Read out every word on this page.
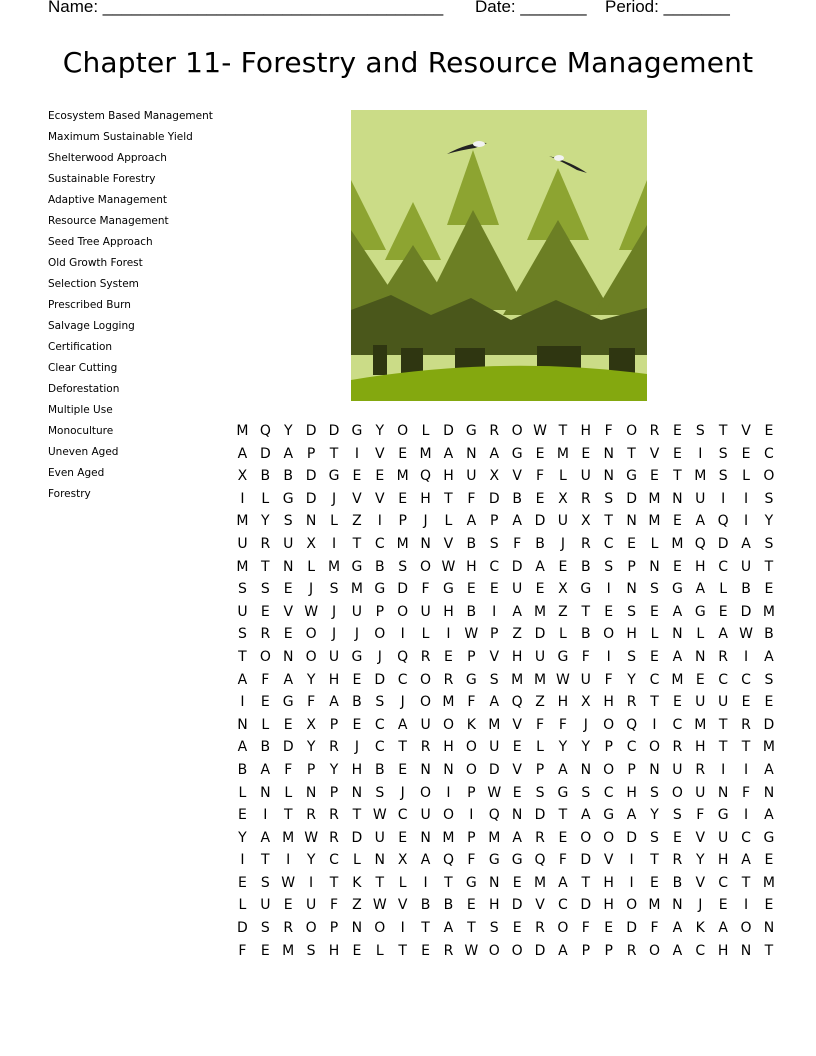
Name: ____________________________________ Date: _______ Period: _______
Chapter 11- Forestry and Resource Management
Ecosystem Based Management
Maximum Sustainable Yield
Shelterwood Approach
Sustainable Forestry
Adaptive Management
Resource Management
Seed Tree Approach
Old Growth Forest
Selection System
Prescribed Burn
Salvage Logging
Certification
Clear Cutting
Deforestation
Multiple Use
Monoculture
Uneven Aged
Even Aged
Forestry
M Q Y D D G Y O L D G R O W T H F O R E	S	T V E
A D A P	T	I	V E M A N A G E M E N T V E	I	S	E C
X B B D G E	E M Q H U X V	F	L U N G E	T M S	L O
I	L G D	J	V V E H T	F D B E X R S D M N U	I	I	S
M Y	S N L	Z	I	P	J	L	A P A D U X T N M E A Q	I	Y
U R U X	I	T C M N V B S	F	B	J	R C E	L M Q D A S
M T N L M G B S O W H C D A E B S	P N E H C U T
S	S	E	J	S M G D F G E	E U E X G	I	N S G A	L	B E
U E V W J	U P O U H B	I	A M Z T	E	S	E A G E D M
S R E O	J	J	O	I	L	I W P Z D L	B O H L N L	A W B
T O N O U G	J	Q R E	P V H U G F	I	S	E A N R	I	A
A	F	A Y H E D C O R G S M M W U F	Y C M E C C S
I	E G F	A B S	J	O M F	A Q Z H X H R T	E U U E	E
N L	E X P	E C A U O K M V	F	F	J	O Q	I	C M T R D
A B D Y R	J	C T R H O U E	L	Y	Y	P C O R H T	T M
B A	F	P	Y H B E N N O D V P A N O P N U R	I	I	A
L N L N P N S	J	O	I	P W E	S G S C H S O U N F N
E	I	T R R T W C U O	I	Q N D T A G A Y	S	F G	I	A
Y A M W R D U E N M P M A R E O O D S	E V U C G
I	T	I	Y C	L N X A Q F G G Q F D V	I	T R Y H A E
E	S W I	T	K	T	L	I	T G N E M A T H	I	E B V C T M
L U E U F	Z W V B B E H D V C D H O M N	J	E	I	E
D S R O P N O	I	T A T	S	E R O F	E D F	A K A O N
F	E M S H E	L	T	E R W O O D A P	P R O A C H N T
